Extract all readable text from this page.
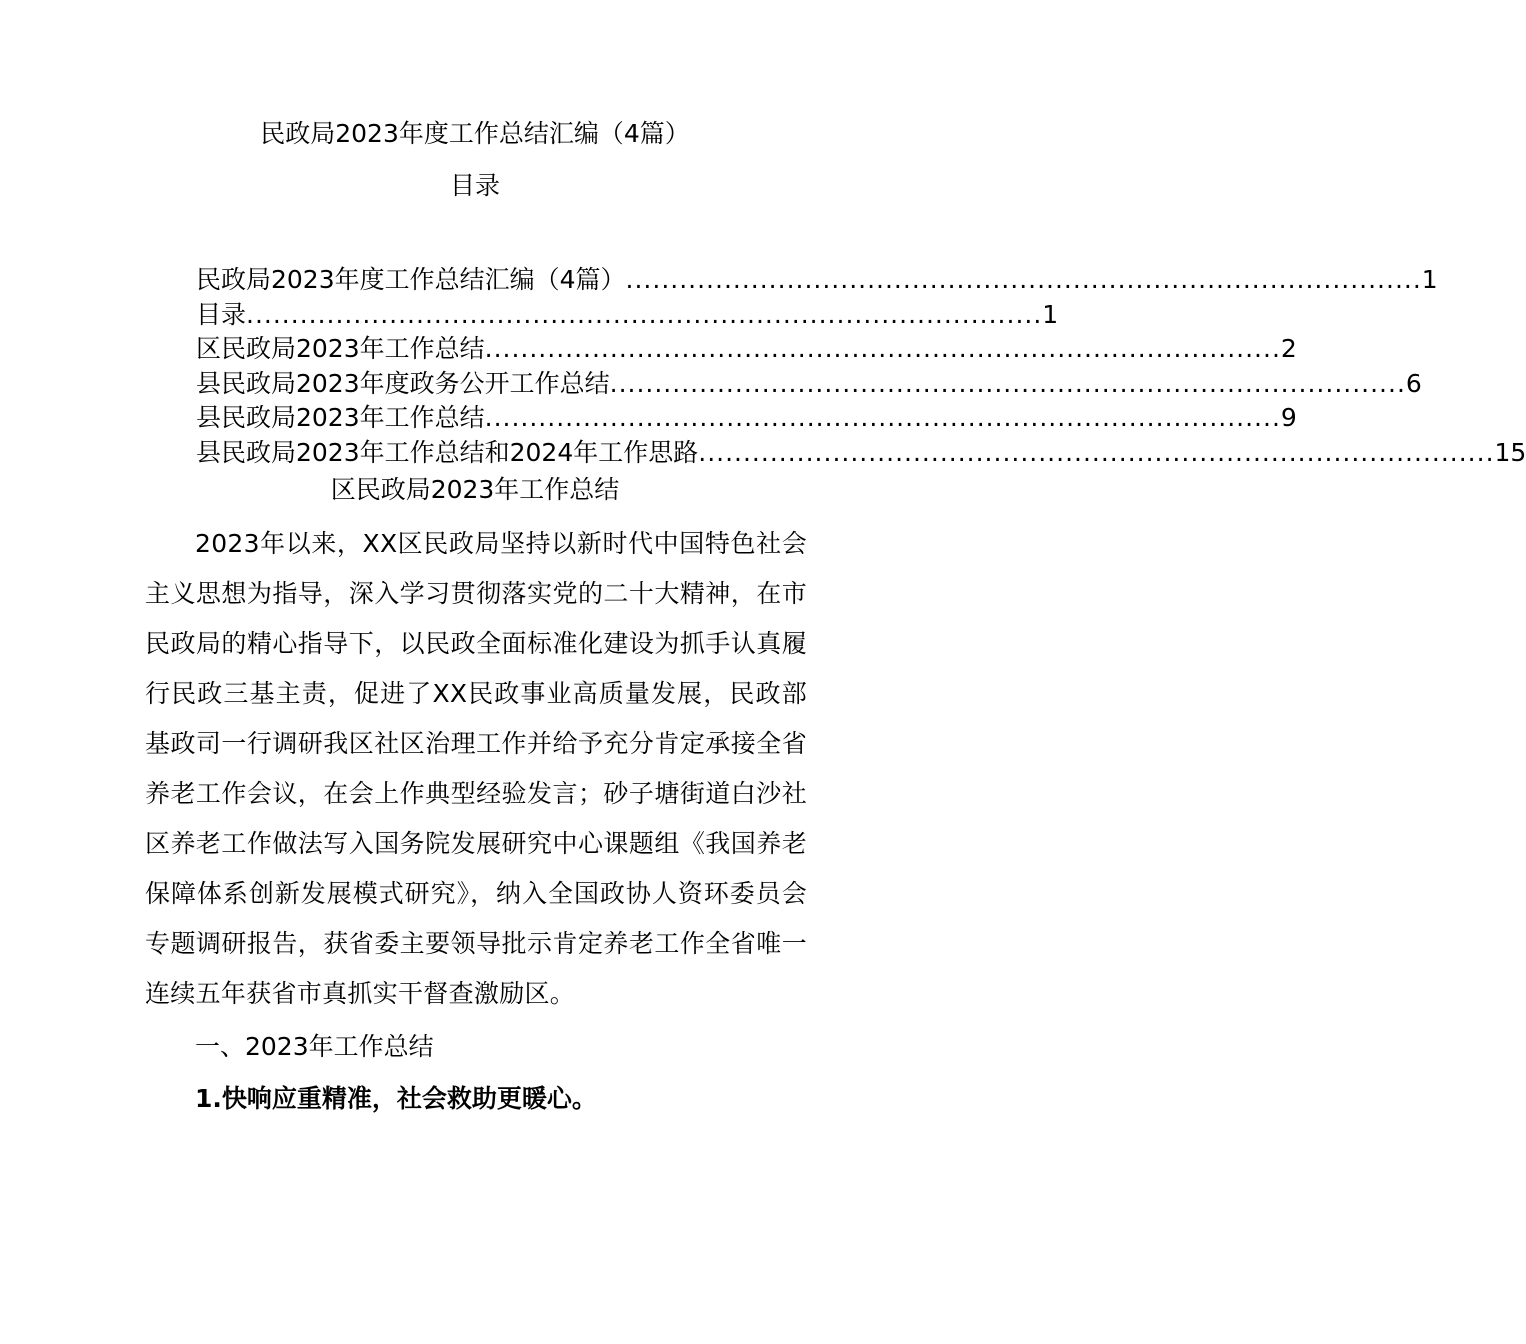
民政局2023年度工作总结汇编（4篇）
目录
民政局2023年度工作总结汇编（4篇） ......................................................................................... 1
目录 ......................................................................................... 1
区民政局2023年工作总结 ......................................................................................... 2
县民政局2023年度政务公开工作总结 ......................................................................................... 6
县民政局2023年工作总结 ......................................................................................... 9
县民政局2023年工作总结和2024年工作思路 ......................................................................................... 15
区民政局2023年工作总结
2023年以来，XX区民政局坚持以新时代中国特色社会主义思想为指导，深入学习贯彻落实党的二十大精神，在市民政局的精心指导下，以民政全面标准化建设为抓手认真履行民政三基主责，促进了XX民政事业高质量发展，民政部基政司一行调研我区社区治理工作并给予充分肯定承接全省养老工作会议，在会上作典型经验发言；砂子塘街道白沙社区养老工作做法写入国务院发展研究中心课题组《我国养老保障体系创新发展模式研究》，纳入全国政协人资环委员会专题调研报告，获省委主要领导批示肯定养老工作全省唯一连续五年获省市真抓实干督查激励区。
一、2023年工作总结
1.快响应重精准，社会救助更暖心。
